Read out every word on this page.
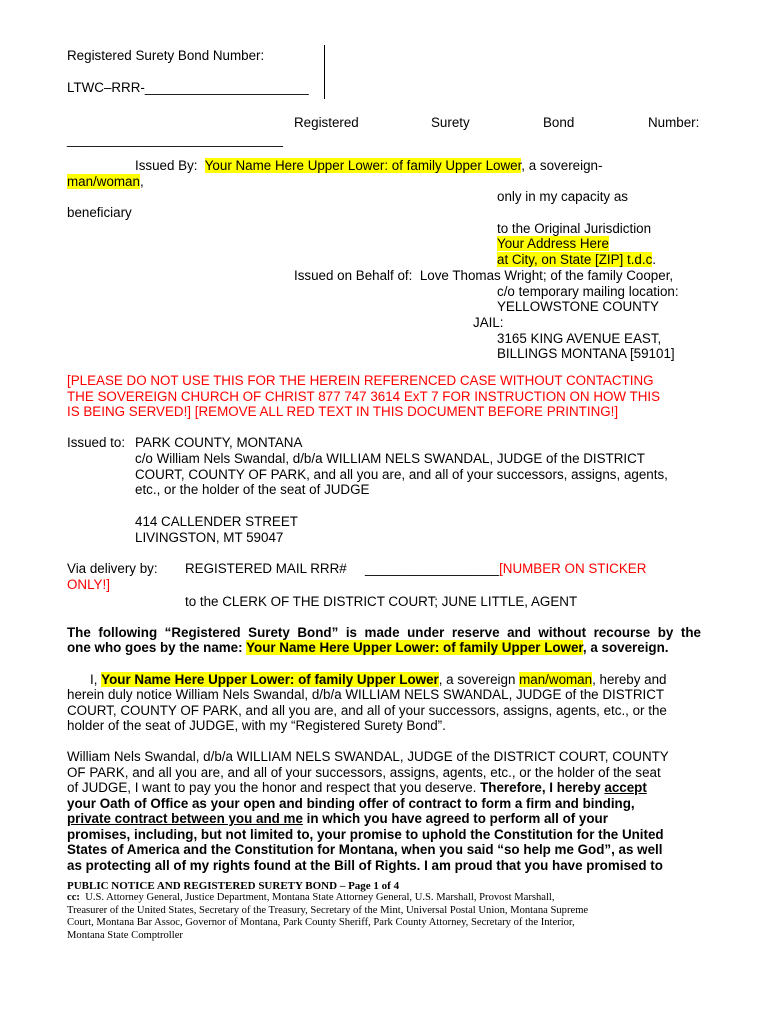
Registered Surety Bond Number:
LTWC–RRR-______________________
Registered	Surety	Bond	Number:
_____________________________
Issued By: Your Name Here Upper Lower: of family Upper Lower, a sovereign-
man/woman,
only in my capacity as
beneficiary
to the Original Jurisdiction
Your Address Here
at City, on State [ZIP] t.d.c.
Issued on Behalf of: Love Thomas Wright; of the family Cooper,
c/o temporary mailing location:
YELLOWSTONE COUNTY
JAIL:
3165 KING AVENUE EAST,
BILLINGS MONTANA [59101]
[PLEASE DO NOT USE THIS FOR THE HEREIN REFERENCED CASE WITHOUT CONTACTING
THE SOVEREIGN CHURCH OF CHRIST 877 747 3614 ExT 7 FOR INSTRUCTION ON HOW THIS
IS BEING SERVED!] [REMOVE ALL RED TEXT IN THIS DOCUMENT BEFORE PRINTING!]
Issued to: PARK COUNTY, MONTANA
c/o William Nels Swandal, d/b/a WILLIAM NELS SWANDAL, JUDGE of the DISTRICT
COURT, COUNTY OF PARK, and all you are, and all of your successors, assigns, agents,
etc., or the holder of the seat of JUDGE
414 CALLENDER STREET
LIVINGSTON, MT 59047
Via delivery by: REGISTERED MAIL RRR# __________________[NUMBER ON STICKER
ONLY!]
to the CLERK OF THE DISTRICT COURT; JUNE LITTLE, AGENT
The following “Registered Surety Bond” is made under reserve and without recourse by the
one who goes by the name: Your Name Here Upper Lower: of family Upper Lower, a sovereign.
I, Your Name Here Upper Lower: of family Upper Lower, a sovereign man/woman, hereby and
herein duly notice William Nels Swandal, d/b/a WILLIAM NELS SWANDAL, JUDGE of the DISTRICT
COURT, COUNTY OF PARK, and all you are, and all of your successors, assigns, agents, etc., or the
holder of the seat of JUDGE, with my “Registered Surety Bond”.
William Nels Swandal, d/b/a WILLIAM NELS SWANDAL, JUDGE of the DISTRICT COURT, COUNTY
OF PARK, and all you are, and all of your successors, assigns, agents, etc., or the holder of the seat
of JUDGE, I want to pay you the honor and respect that you deserve. Therefore, I hereby accept
your Oath of Office as your open and binding offer of contract to form a firm and binding,
private contract between you and me in which you have agreed to perform all of your
promises, including, but not limited to, your promise to uphold the Constitution for the United
States of America and the Constitution for Montana, when you said “so help me God”, as well
as protecting all of my rights found at the Bill of Rights. I am proud that you have promised to
PUBLIC NOTICE AND REGISTERED SURETY BOND – Page 1 of 4
cc: U.S. Attorney General, Justice Department, Montana State Attorney General, U.S. Marshall, Provost Marshall,
Treasurer of the United States, Secretary of the Treasury, Secretary of the Mint, Universal Postal Union, Montana Supreme
Court, Montana Bar Assoc, Governor of Montana, Park County Sheriff, Park County Attorney, Secretary of the Interior,
Montana State Comptroller
